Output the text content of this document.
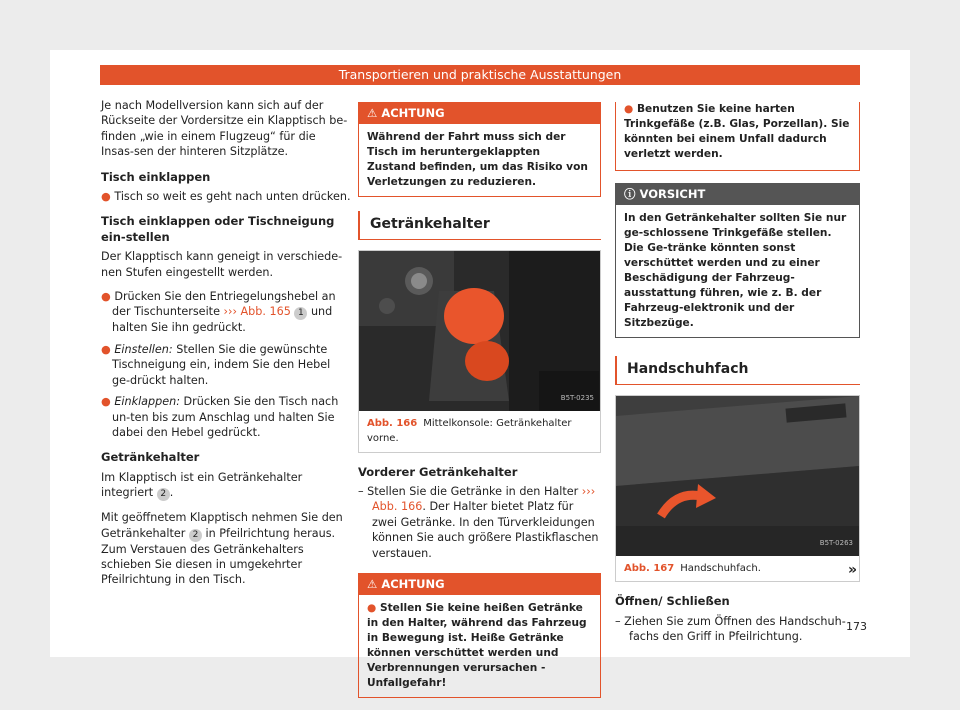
Transportieren und praktische Ausstattungen

Je nach Modellversion kann sich auf der Rückseite der Vordersitze ein Klapptisch be-finden „wie in einem Flugzeug“ für die Insas-sen der hinteren Sitzplätze.

Tisch einklappen
● Tisch so weit es geht nach unten drücken.
Tisch einklappen oder Tischneigung ein-stellen

Der Klapptisch kann geneigt in verschiede-nen Stufen eingestellt werden.

● Drücken Sie den Entriegelungshebel an der Tischunterseite ››› Abb. 165 1 und halten Sie ihn gedrückt.
● Einstellen: Stellen Sie die gewünschte Tischneigung ein, indem Sie den Hebel ge-drückt halten.
● Einklappen: Drücken Sie den Tisch nach un-ten bis zum Anschlag und halten Sie dabei den Hebel gedrückt.
Getränkehalter

Im Klapptisch ist ein Getränkehalter integriert 2 .

Mit geöffnetem Klapptisch nehmen Sie den Getränkehalter 2 in Pfeilrichtung heraus. Zum Verstauen des Getränkehalters schieben Sie diesen in umgekehrter Pfeilrichtung in den Tisch.

⚠ ACHTUNG
Während der Fahrt muss sich der Tisch im heruntergeklappten Zustand befinden, um das Risiko von Verletzungen zu reduzieren.
Getränkehalter
B5T-0235
Abb. 166 Mittelkonsole: Getränkehalter vorne.
Vorderer Getränkehalter
– Stellen Sie die Getränke in den Halter ››› Abb. 166. Der Halter bietet Platz für zwei Getränke. In den Türverkleidungen können Sie auch größere Plastikflaschen verstauen.
⚠ ACHTUNG
● Stellen Sie keine heißen Getränke in den Halter, während das Fahrzeug in Bewegung ist. Heiße Getränke können verschüttet werden und Verbrennungen verursachen - Unfallgefahr!
● Benutzen Sie keine harten Trinkgefäße (z.B. Glas, Porzellan). Sie könnten bei einem Unfall dadurch verletzt werden.
ⓘ VORSICHT
In den Getränkehalter sollten Sie nur ge-schlossene Trinkgefäße stellen. Die Ge-tränke könnten sonst verschüttet werden und zu einer Beschädigung der Fahrzeug-ausstattung führen, wie z. B. der Fahrzeug-elektronik und der Sitzbezüge.
Handschuhfach
B5T-0263
Abb. 167 Handschuhfach.
Öffnen/ Schließen
– Ziehen Sie zum Öffnen des Handschuh-fachs den Griff in Pfeilrichtung.
»
173
